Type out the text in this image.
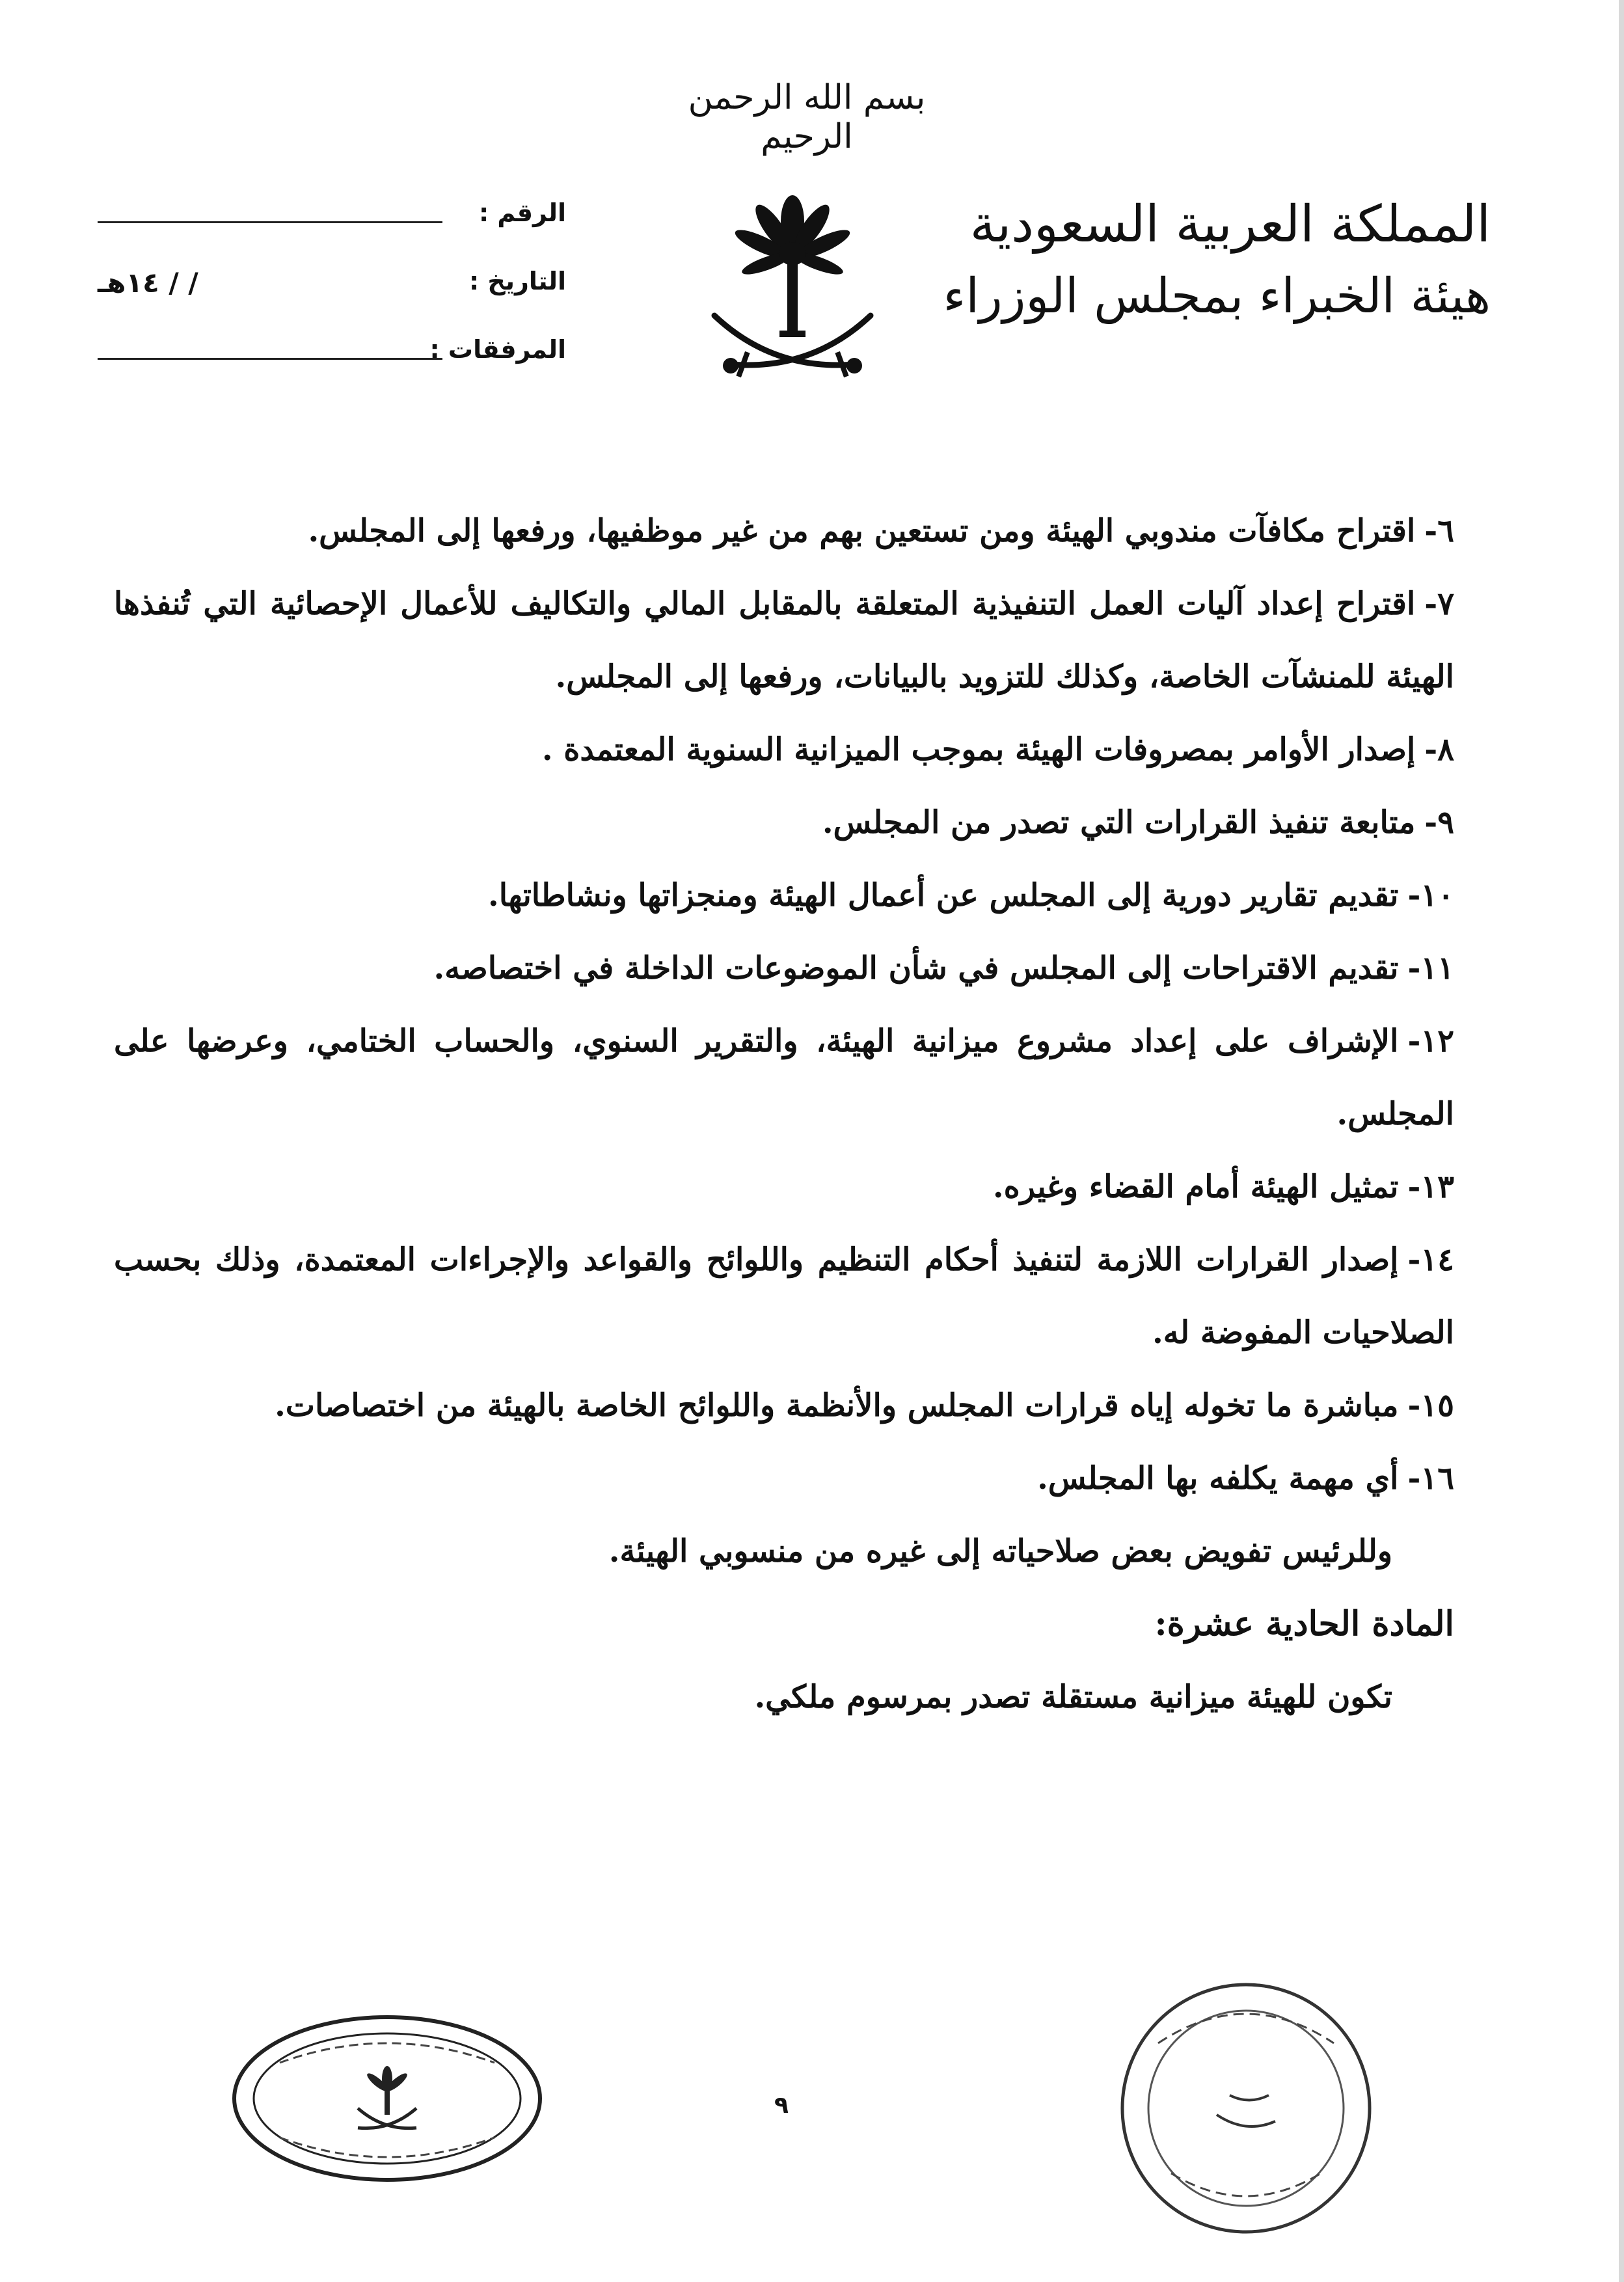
بسم الله الرحمن الرحيم
المملكة العربية السعودية
هيئة الخبراء بمجلس الوزراء
الرقم :
التاريخ :
/ / ١٤هـ
المرفقات :
٦-اقتراح مكافآت مندوبي الهيئة ومن تستعين بهم من غير موظفيها، ورفعها إلى المجلس.
٧-اقتراح إعداد آليات العمل التنفيذية المتعلقة بالمقابل المالي والتكاليف للأعمال الإحصائية التي تُنفذها الهيئة للمنشآت الخاصة، وكذلك للتزويد بالبيانات، ورفعها إلى المجلس.
٨-إصدار الأوامر بمصروفات الهيئة بموجب الميزانية السنوية المعتمدة .
٩-متابعة تنفيذ القرارات التي تصدر من المجلس.
١٠-تقديم تقارير دورية إلى المجلس عن أعمال الهيئة ومنجزاتها ونشاطاتها.
١١-تقديم الاقتراحات إلى المجلس في شأن الموضوعات الداخلة في اختصاصه.
١٢-الإشراف على إعداد مشروع ميزانية الهيئة، والتقرير السنوي، والحساب الختامي، وعرضها على المجلس.
١٣-تمثيل الهيئة أمام القضاء وغيره.
١٤-إصدار القرارات اللازمة لتنفيذ أحكام التنظيم واللوائح والقواعد والإجراءات المعتمدة، وذلك بحسب الصلاحيات المفوضة له.
١٥-مباشرة ما تخوله إياه قرارات المجلس والأنظمة واللوائح الخاصة بالهيئة من اختصاصات.
١٦-أي مهمة يكلفه بها المجلس.
وللرئيس تفويض بعض صلاحياته إلى غيره من منسوبي الهيئة.
المادة الحادية عشرة:
تكون للهيئة ميزانية مستقلة تصدر بمرسوم ملكي.
٩
